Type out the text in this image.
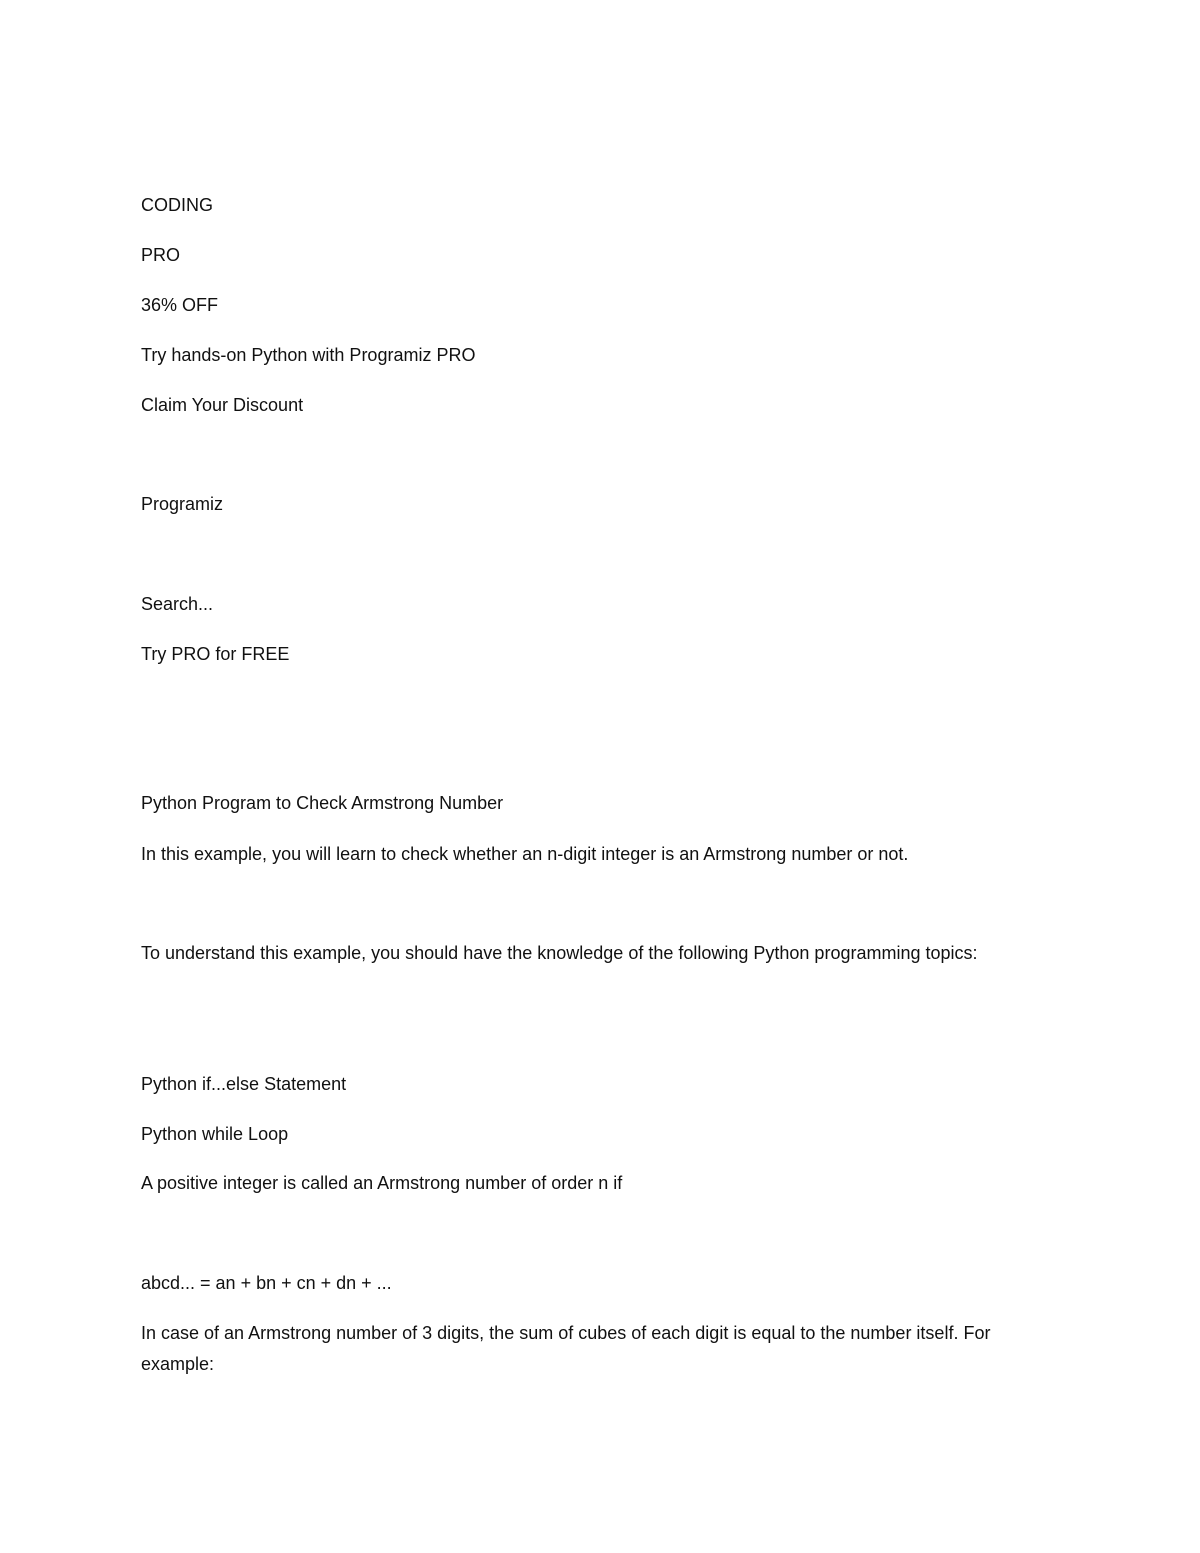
CODING

PRO

36% OFF

Try hands-on Python with Programiz PRO

Claim Your Discount

Programiz

Search...

Try PRO for FREE

Python Program to Check Armstrong Number

In this example, you will learn to check whether an n-digit integer is an Armstrong number or not.

To understand this example, you should have the knowledge of the following Python programming topics:

Python if...else Statement

Python while Loop

A positive integer is called an Armstrong number of order n if

abcd... = an + bn + cn + dn + ...

In case of an Armstrong number of 3 digits, the sum of cubes of each digit is equal to the number itself. For example:
